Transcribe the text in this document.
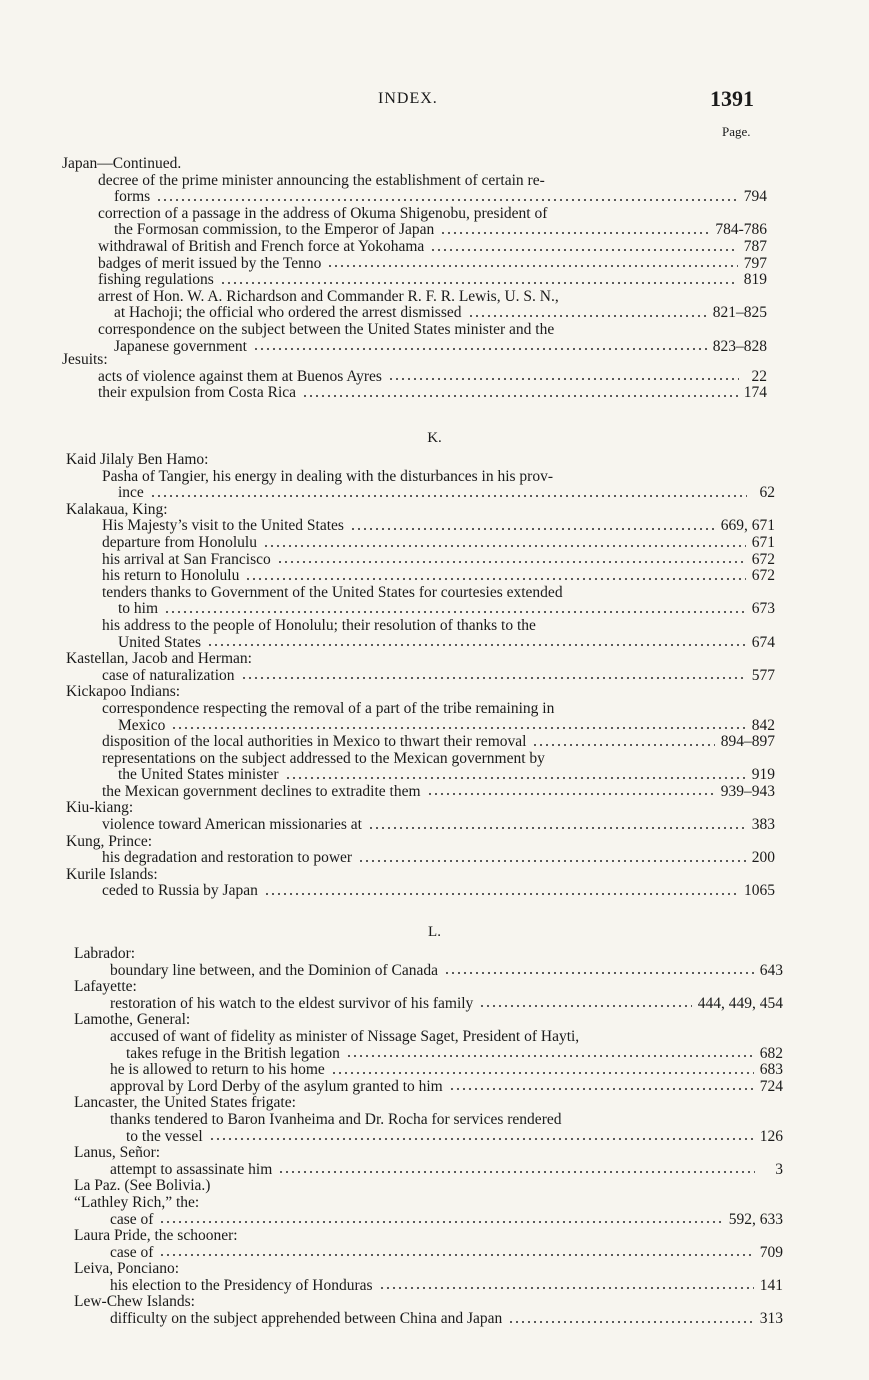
INDEX.	1391
Page.
Japan—Continued.
decree of the prime minister announcing the establishment of certain re-
forms	794
correction of a passage in the address of Okuma Shigenobu, president of
the Formosan commission, to the Emperor of Japan	784-786
withdrawal of British and French force at Yokohama	787
badges of merit issued by the Tenno	797
fishing regulations	819
arrest of Hon. W. A. Richardson and Commander R. F. R. Lewis, U. S. N.,
at Hachoji; the official who ordered the arrest dismissed	821–825
correspondence on the subject between the United States minister and the
Japanese government	823–828
Jesuits:
acts of violence against them at Buenos Ayres	22
their expulsion from Costa Rica	174
K.
Kaid Jilaly Ben Hamo:
Pasha of Tangier, his energy in dealing with the disturbances in his prov-
ince	62
Kalakaua, King:
His Majesty’s visit to the United States	669, 671
departure from Honolulu	671
his arrival at San Francisco	672
his return to Honolulu	672
tenders thanks to Government of the United States for courtesies extended
to him	673
his address to the people of Honolulu; their resolution of thanks to the
United States	674
Kastellan, Jacob and Herman:
case of naturalization	577
Kickapoo Indians:
correspondence respecting the removal of a part of the tribe remaining in
Mexico	842
disposition of the local authorities in Mexico to thwart their removal	894–897
representations on the subject addressed to the Mexican government by
the United States minister	919
the Mexican government declines to extradite them	939–943
Kiu-kiang:
violence toward American missionaries at	383
Kung, Prince:
his degradation and restoration to power	200
Kurile Islands:
ceded to Russia by Japan	1065
L.
Labrador:
boundary line between, and the Dominion of Canada	643
Lafayette:
restoration of his watch to the eldest survivor of his family	444, 449, 454
Lamothe, General:
accused of want of fidelity as minister of Nissage Saget, President of Hayti,
takes refuge in the British legation	682
he is allowed to return to his home	683
approval by Lord Derby of the asylum granted to him	724
Lancaster, the United States frigate:
thanks tendered to Baron Ivanheima and Dr. Rocha for services rendered
to the vessel	126
Lanus, Señor:
attempt to assassinate him	3
La Paz. (See Bolivia.)
“Lathley Rich,” the:
case of	592, 633
Laura Pride, the schooner:
case of	709
Leiva, Ponciano:
his election to the Presidency of Honduras	141
Lew-Chew Islands:
difficulty on the subject apprehended between China and Japan	313
